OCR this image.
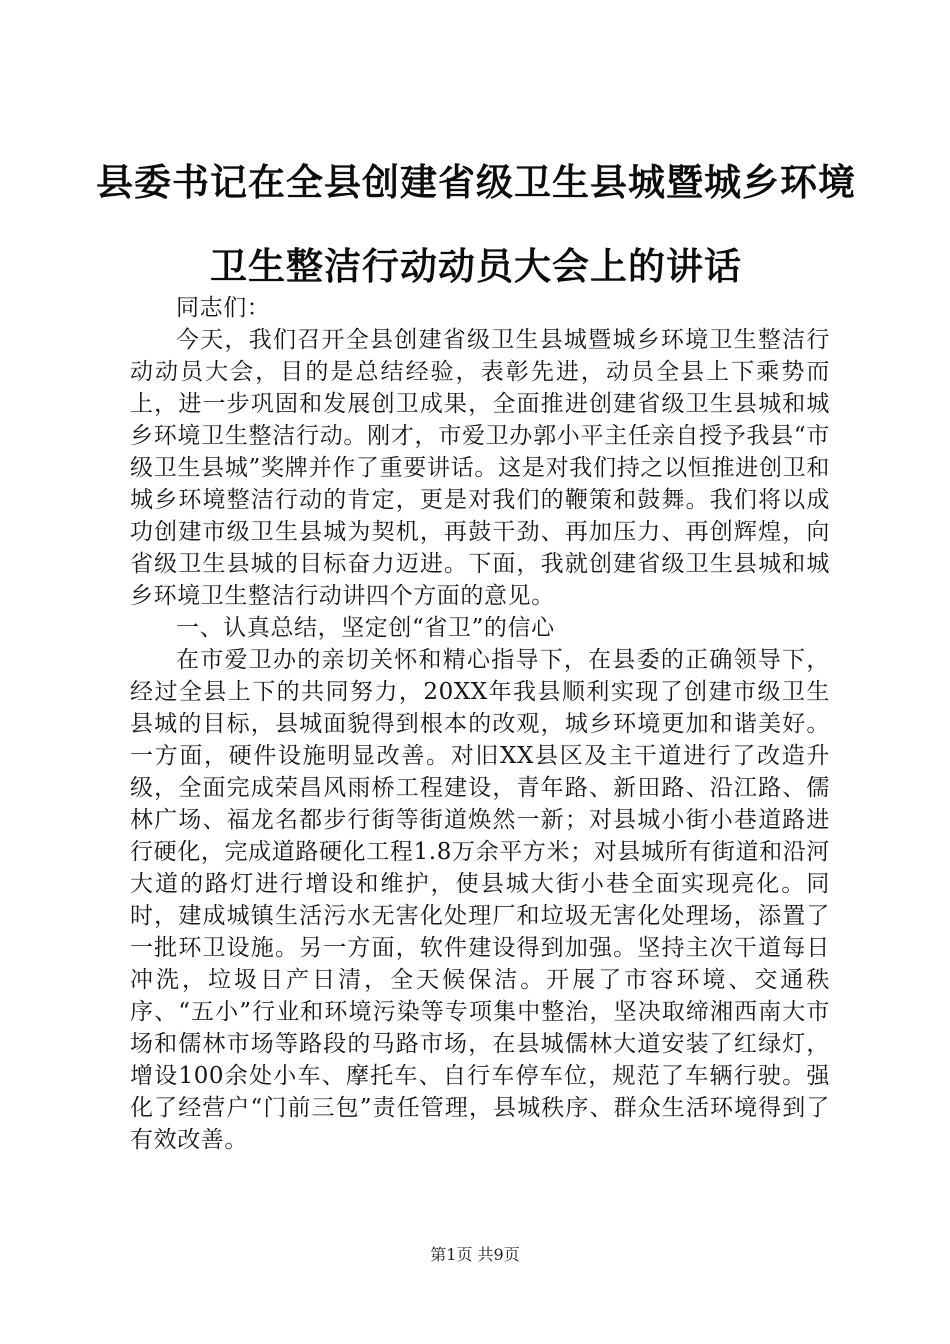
县委书记在全县创建省级卫生县城暨城乡环境
卫生整洁行动动员大会上的讲话

同志们：

今天，我们召开全县创建省级卫生县城暨城乡环境卫生整洁行动动员大会，目的是总结经验，表彰先进，动员全县上下乘势而上，进一步巩固和发展创卫成果，全面推进创建省级卫生县城和城乡环境卫生整洁行动。刚才，市爱卫办郭小平主任亲自授予我县“市级卫生县城”奖牌并作了重要讲话。这是对我们持之以恒推进创卫和城乡环境整洁行动的肯定，更是对我们的鞭策和鼓舞。我们将以成功创建市级卫生县城为契机，再鼓干劲、再加压力、再创辉煌，向省级卫生县城的目标奋力迈进。下面，我就创建省级卫生县城和城乡环境卫生整洁行动讲四个方面的意见。

一、认真总结，坚定创“省卫”的信心

在市爱卫办的亲切关怀和精心指导下，在县委的正确领导下，经过全县上下的共同努力，20XX年我县顺利实现了创建市级卫生县城的目标，县城面貌得到根本的改观，城乡环境更加和谐美好。一方面，硬件设施明显改善。对旧XX县区及主干道进行了改造升级，全面完成荣昌风雨桥工程建设，青年路、新田路、沿江路、儒林广场、福龙名都步行街等街道焕然一新；对县城小街小巷道路进行硬化，完成道路硬化工程1.8万余平方米；对县城所有街道和沿河大道的路灯进行增设和维护，使县城大街小巷全面实现亮化。同时，建成城镇生活污水无害化处理厂和垃圾无害化处理场，添置了一批环卫设施。另一方面，软件建设得到加强。坚持主次干道每日冲洗，垃圾日产日清，全天候保洁。开展了市容环境、交通秩序、“五小”行业和环境污染等专项集中整治，坚决取缔湘西南大市场和儒林市场等路段的马路市场，在县城儒林大道安装了红绿灯，增设100余处小车、摩托车、自行车停车位，规范了车辆行驶。强化了经营户“门前三包”责任管理，县城秩序、群众生活环境得到了有效改善。

第1页 共9页
